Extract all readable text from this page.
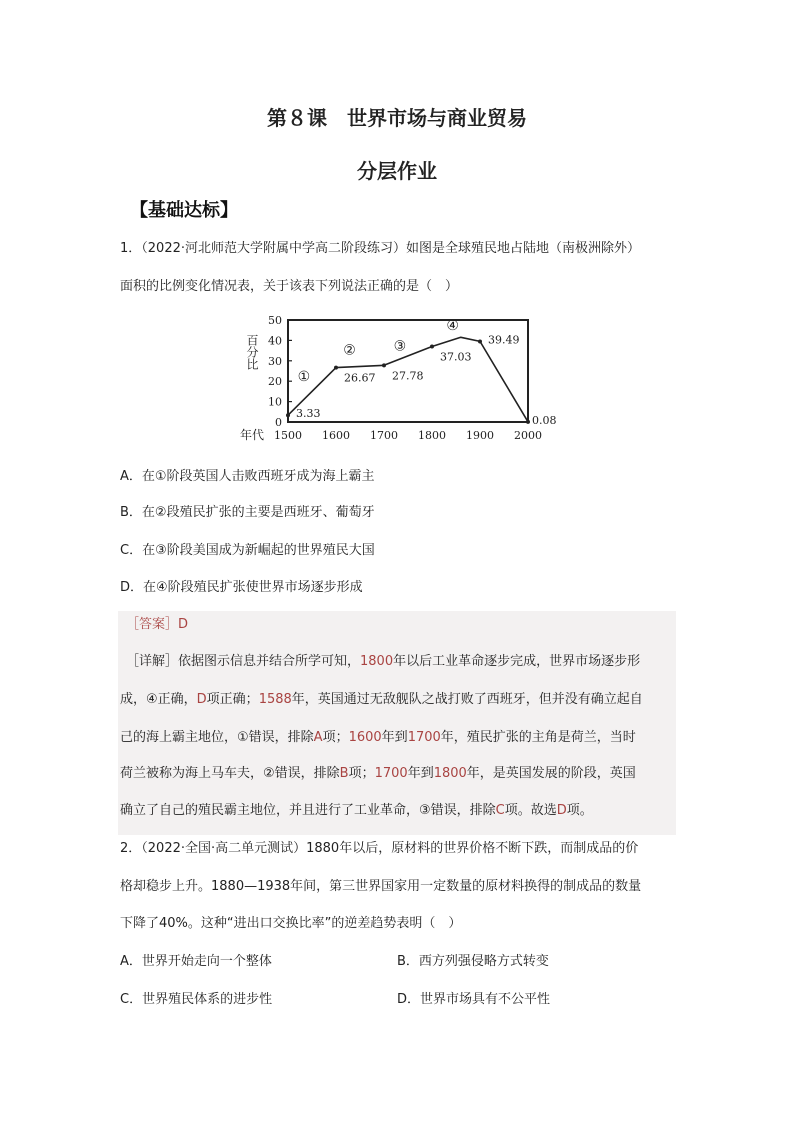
第８课　世界市场与商业贸易
分层作业
【基础达标】
1．（2022·河北师范大学附属中学高二阶段练习）如图是全球殖民地占陆地（南极洲除外）
面积的比例变化情况表，关于该表下列说法正确的是（　）
0
10
20
30
40
50
1500 1600 1700 1800 1900 2000
百分比
年代
3.33
26.67 27.78
37.03
39.49
0.08
①
②	③
④
A．在①阶段英国人击败西班牙成为海上霸主
B．在②段殖民扩张的主要是西班牙、葡萄牙
C．在③阶段美国成为新崛起的世界殖民大国
D．在④阶段殖民扩张使世界市场逐步形成
［答案］D
［详解］依据图示信息并结合所学可知，1800年以后工业革命逐步完成，世界市场逐步形
成，④正确，D项正确；1588年，英国通过无敌舰队之战打败了西班牙，但并没有确立起自
己的海上霸主地位，①错误，排除A项；1600年到1700年，殖民扩张的主角是荷兰，当时
荷兰被称为海上马车夫，②错误，排除B项；1700年到1800年，是英国发展的阶段，英国
确立了自己的殖民霸主地位，并且进行了工业革命，③错误，排除C项。故选D项。
2．（2022·全国·高二单元测试）1880年以后，原材料的世界价格不断下跌，而制成品的价
格却稳步上升。1880—1938年间，第三世界国家用一定数量的原材料换得的制成品的数量
下降了40%。这种“进出口交换比率”的逆差趋势表明（　）
A．世界开始走向一个整体	B．西方列强侵略方式转变
C．世界殖民体系的进步性	D．世界市场具有不公平性
